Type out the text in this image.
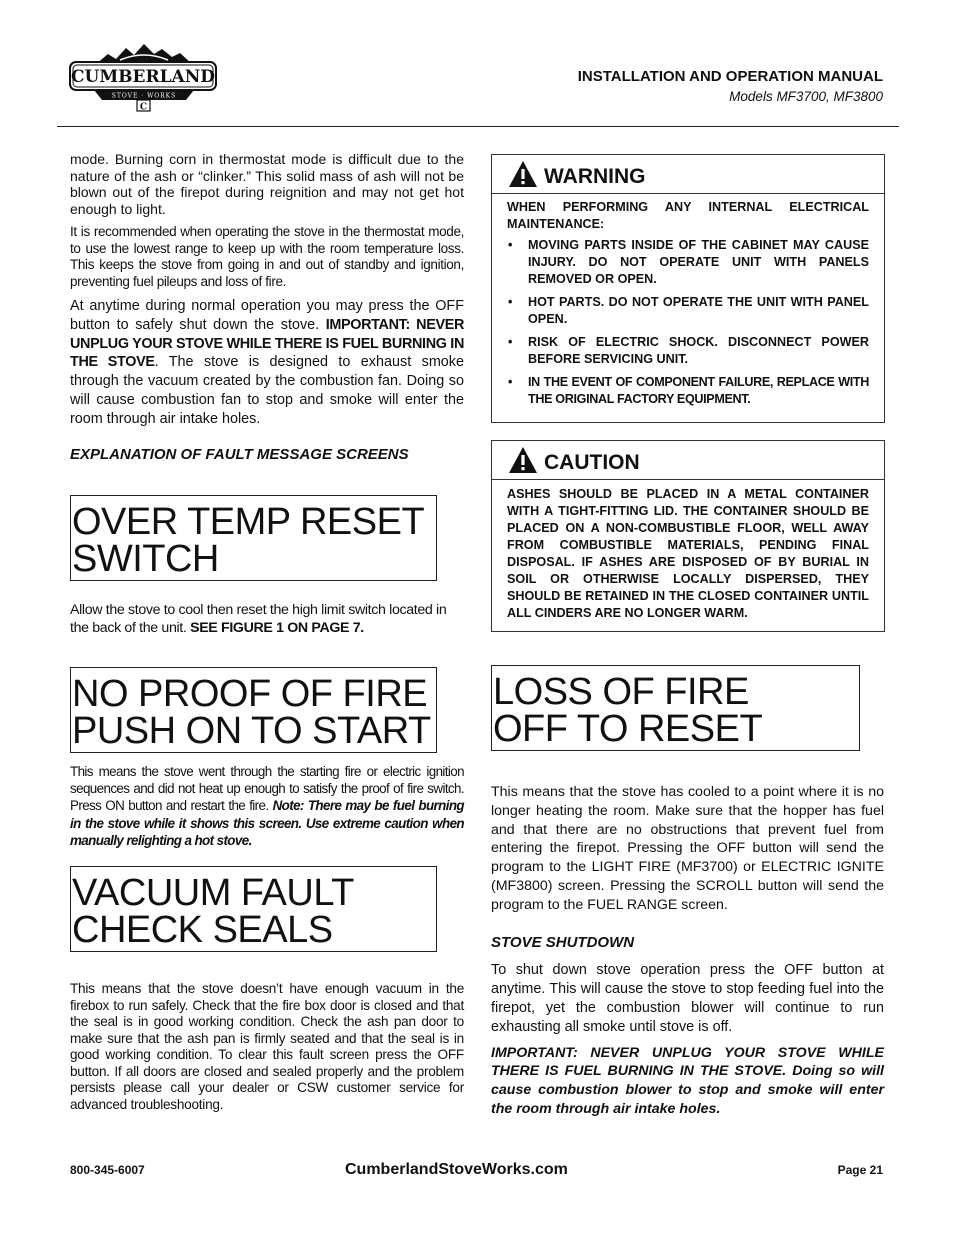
CUMBERLAND
STOVE · WORKS
C
INSTALLATION AND OPERATION MANUAL
Models MF3700, MF3800

mode. Burning corn in thermostat mode is difficult due to the nature of the ash or “clinker.” This solid mass of ash will not be blown out of the firepot during reignition and may not get hot enough to light.

It is recommended when operating the stove in the thermostat mode, to use the lowest range to keep up with the room temperature loss. This keeps the stove from going in and out of standby and ignition, preventing fuel pileups and loss of fire.

At anytime during normal operation you may press the OFF button to safely shut down the stove. IMPORTANT: NEVER UNPLUG YOUR STOVE WHILE THERE IS FUEL BURNING IN THE STOVE. The stove is designed to exhaust smoke through the vacuum created by the combustion fan. Doing so will cause combustion fan to stop and smoke will enter the room through air intake holes.

EXPLANATION OF FAULT MESSAGE SCREENS

OVER TEMP RESET
SWITCH

Allow the stove to cool then reset the high limit switch located in the back of the unit. SEE FIGURE 1 ON PAGE 7.

NO PROOF OF FIRE
PUSH ON TO START

This means the stove went through the starting fire or electric ignition sequences and did not heat up enough to satisfy the proof of fire switch. Press ON button and restart the fire. Note: There may be fuel burning in the stove while it shows this screen. Use extreme caution when manually relighting a hot stove.

VACUUM FAULT
CHECK SEALS

This means that the stove doesn’t have enough vacuum in the firebox to run safely. Check that the fire box door is closed and that the seal is in good working condition. Check the ash pan door to make sure that the ash pan is firmly seated and that the seal is in good working condition. To clear this fault screen press the OFF button. If all doors are closed and sealed properly and the problem persists please call your dealer or CSW customer service for advanced troubleshooting.

WARNING

WHEN PERFORMING ANY INTERNAL ELECTRICAL MAINTENANCE:

• MOVING PARTS INSIDE OF THE CABINET MAY CAUSE INJURY. DO NOT OPERATE UNIT WITH PANELS REMOVED OR OPEN.
• HOT PARTS. DO NOT OPERATE THE UNIT WITH PANEL OPEN.
• RISK OF ELECTRIC SHOCK. DISCONNECT POWER BEFORE SERVICING UNIT.
• IN THE EVENT OF COMPONENT FAILURE, REPLACE WITH THE ORIGINAL FACTORY EQUIPMENT.
CAUTION

ASHES SHOULD BE PLACED IN A METAL CONTAINER WITH A TIGHT-FITTING LID. THE CONTAINER SHOULD BE PLACED ON A NON-COMBUSTIBLE FLOOR, WELL AWAY FROM COMBUSTIBLE MATERIALS, PENDING FINAL DISPOSAL. IF ASHES ARE DISPOSED OF BY BURIAL IN SOIL OR OTHERWISE LOCALLY DISPERSED, THEY SHOULD BE RETAINED IN THE CLOSED CONTAINER UNTIL ALL CINDERS ARE NO LONGER WARM.

LOSS OF FIRE
OFF TO RESET

This means that the stove has cooled to a point where it is no longer heating the room. Make sure that the hopper has fuel and that there are no obstructions that prevent fuel from entering the firepot. Pressing the OFF button will send the program to the LIGHT FIRE (MF3700) or ELECTRIC IGNITE (MF3800) screen. Pressing the SCROLL button will send the program to the FUEL RANGE screen.

STOVE SHUTDOWN

To shut down stove operation press the OFF button at anytime. This will cause the stove to stop feeding fuel into the firepot, yet the combustion blower will continue to run exhausting all smoke until stove is off.

IMPORTANT: NEVER UNPLUG YOUR STOVE WHILE THERE IS FUEL BURNING IN THE STOVE. Doing so will cause combustion blower to stop and smoke will enter the room through air intake holes.

800-345-6007	CumberlandStoveWorks.com	Page 21
